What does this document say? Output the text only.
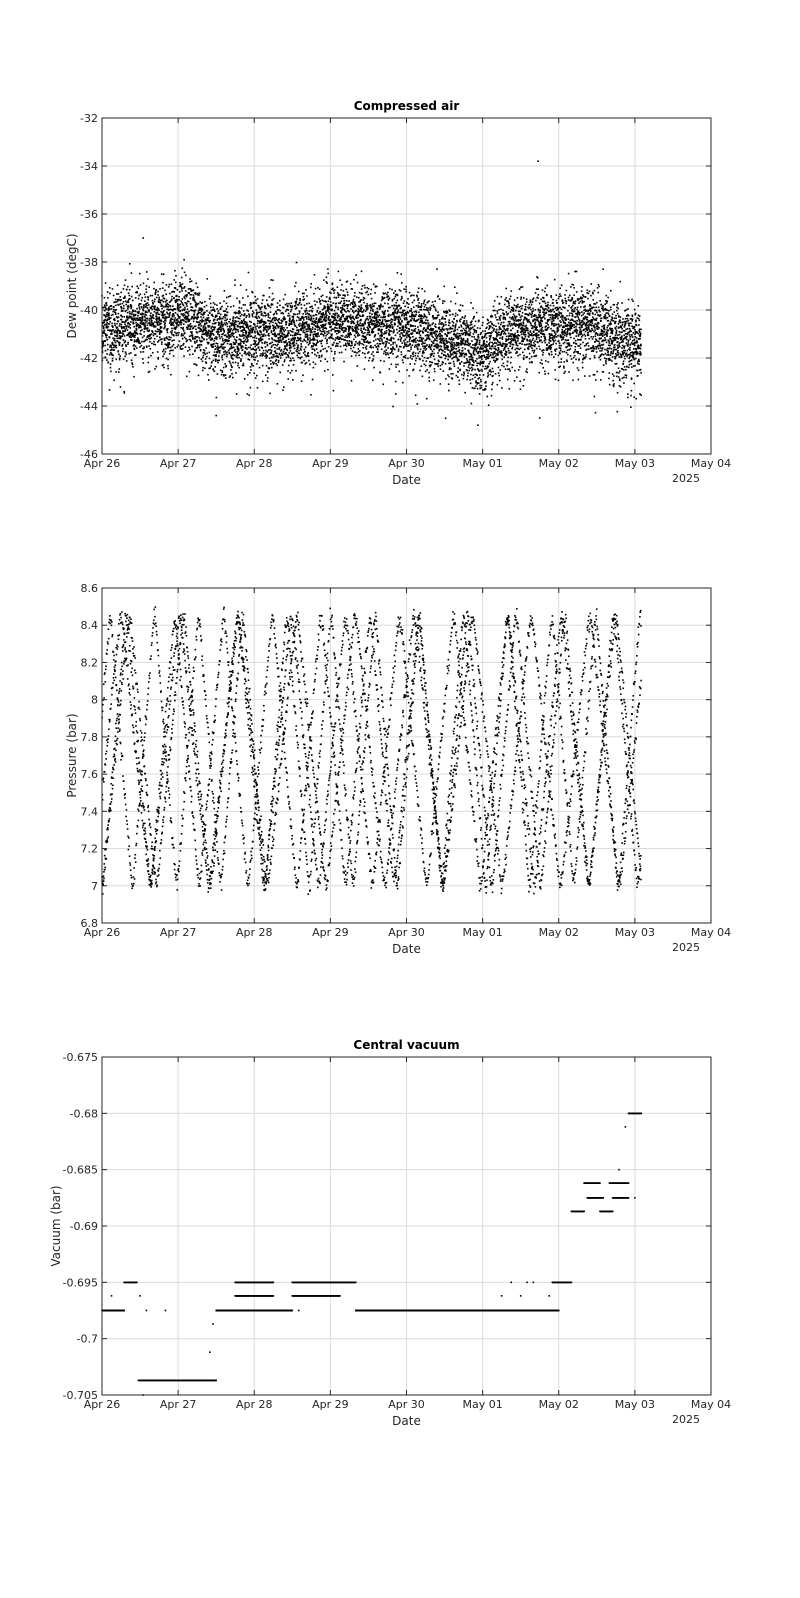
Apr 26	Apr 27	Apr 28	Apr 29	Apr 30	May 01	May 02	May 03	May 04
2025
-32
-34
-36
-38
-40
-42
-44
-46
Date
Dew point (degC)
Compressed air
Apr 26	Apr 27	Apr 28	Apr 29	Apr 30	May 01	May 02	May 03	May 04
2025
8.6
8.4
8.2
8
7.8
7.6
7.4
7.2
7
6.8
Date
Pressure (bar)
Apr 26	Apr 27	Apr 28	Apr 29	Apr 30	May 01	May 02	May 03	May 04
2025
-0.675
-0.68
-0.685
-0.69
-0.695
-0.7
-0.705
Date
Vacuum (bar)
Central vacuum
